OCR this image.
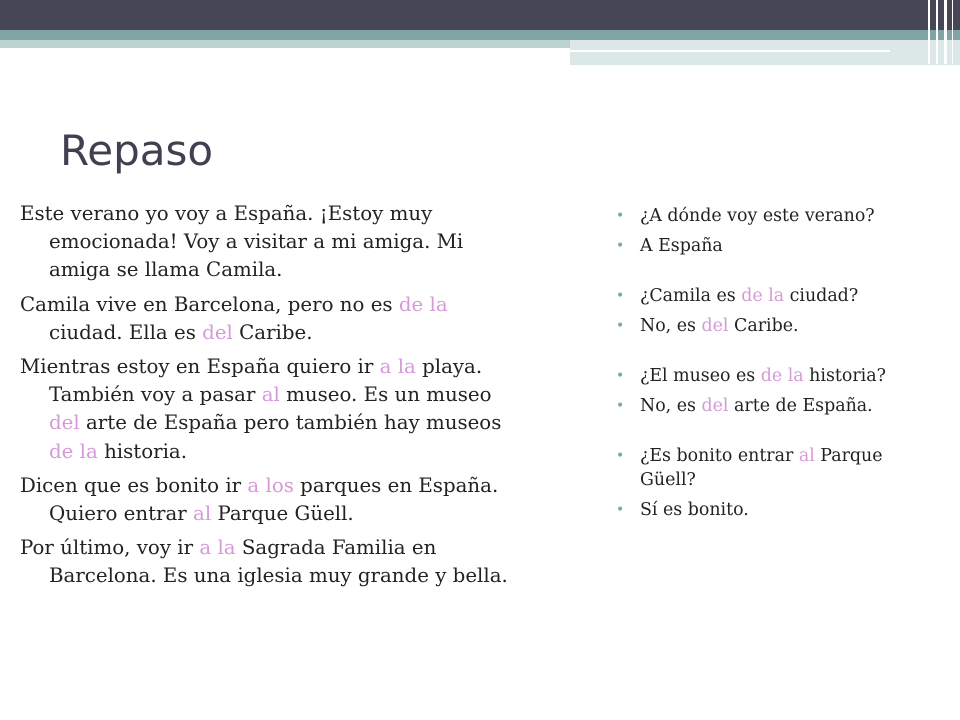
Repaso

Este verano yo voy a España. ¡Estoy muy emocionada! Voy a visitar a mi amiga. Mi amiga se llama Camila.

Camila vive en Barcelona, pero no es de la ciudad. Ella es del Caribe.

Mientras estoy en España quiero ir a la playa. También voy a pasar al museo. Es un museo del arte de España pero también hay museos de la historia.

Dicen que es bonito ir a los parques en España. Quiero entrar al Parque Güell.

Por último, voy ir a la Sagrada Familia en Barcelona. Es una iglesia muy grande y bella.

• ¿A dónde voy este verano?
• A España
• ¿Camila es de la ciudad?
• No, es del Caribe.
• ¿El museo es de la historia?
• No, es del arte de España.
• ¿Es bonito entrar al Parque Güell?
• Sí es bonito.
